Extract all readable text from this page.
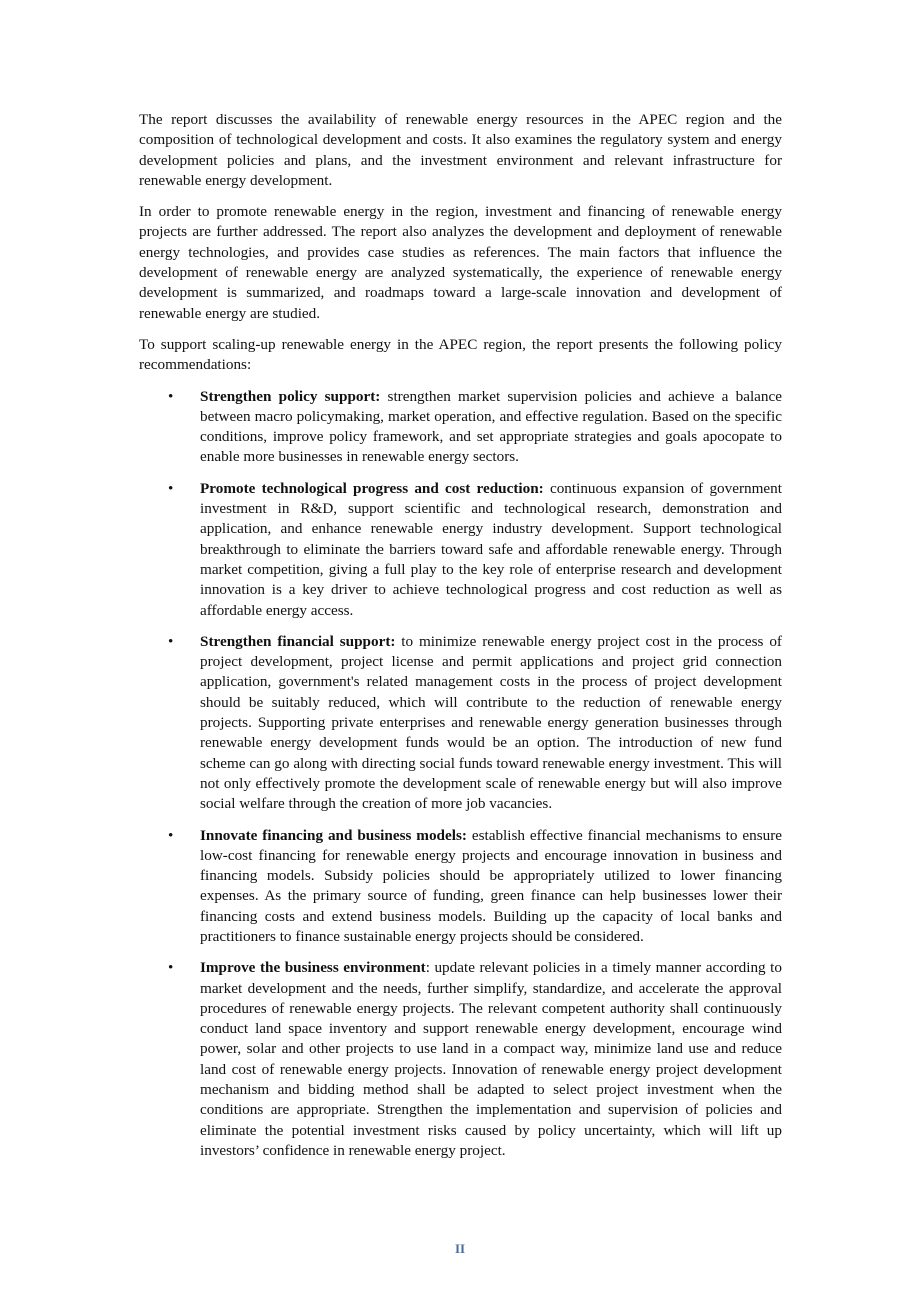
The report discusses the availability of renewable energy resources in the APEC region and the composition of technological development and costs. It also examines the regulatory system and energy development policies and plans, and the investment environment and relevant infrastructure for renewable energy development.

In order to promote renewable energy in the region, investment and financing of renewable energy projects are further addressed. The report also analyzes the development and deployment of renewable energy technologies, and provides case studies as references. The main factors that influence the development of renewable energy are analyzed systematically, the experience of renewable energy development is summarized, and roadmaps toward a large-scale innovation and development of renewable energy are studied.

To support scaling-up renewable energy in the APEC region, the report presents the following policy recommendations:

• Strengthen policy support: strengthen market supervision policies and achieve a balance between macro policymaking, market operation, and effective regulation. Based on the specific conditions, improve policy framework, and set appropriate strategies and goals apocopate to enable more businesses in renewable energy sectors.
• Promote technological progress and cost reduction: continuous expansion of government investment in R&D, support scientific and technological research, demonstration and application, and enhance renewable energy industry development. Support technological breakthrough to eliminate the barriers toward safe and affordable renewable energy. Through market competition, giving a full play to the key role of enterprise research and development innovation is a key driver to achieve technological progress and cost reduction as well as affordable energy access.
• Strengthen financial support: to minimize renewable energy project cost in the process of project development, project license and permit applications and project grid connection application, government's related management costs in the process of project development should be suitably reduced, which will contribute to the reduction of renewable energy projects. Supporting private enterprises and renewable energy generation businesses through renewable energy development funds would be an option. The introduction of new fund scheme can go along with directing social funds toward renewable energy investment. This will not only effectively promote the development scale of renewable energy but will also improve social welfare through the creation of more job vacancies.
• Innovate financing and business models: establish effective financial mechanisms to ensure low-cost financing for renewable energy projects and encourage innovation in business and financing models. Subsidy policies should be appropriately utilized to lower financing expenses. As the primary source of funding, green finance can help businesses lower their financing costs and extend business models. Building up the capacity of local banks and practitioners to finance sustainable energy projects should be considered.
• Improve the business environment: update relevant policies in a timely manner according to market development and the needs, further simplify, standardize, and accelerate the approval procedures of renewable energy projects. The relevant competent authority shall continuously conduct land space inventory and support renewable energy development, encourage wind power, solar and other projects to use land in a compact way, minimize land use and reduce land cost of renewable energy projects. Innovation of renewable energy project development mechanism and bidding method shall be adapted to select project investment when the conditions are appropriate. Strengthen the implementation and supervision of policies and eliminate the potential investment risks caused by policy uncertainty, which will lift up investors’ confidence in renewable energy project.
II
